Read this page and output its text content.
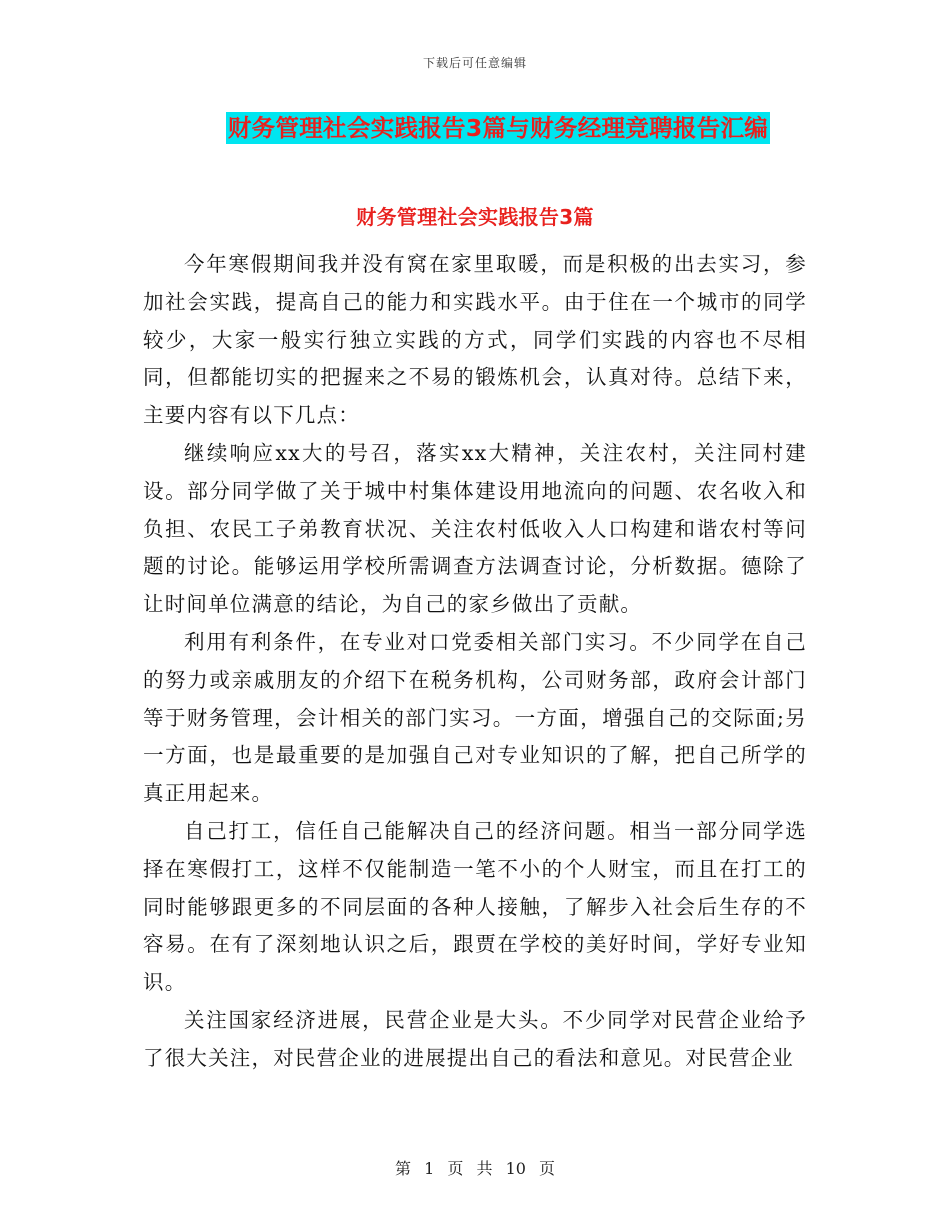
下载后可任意编辑
财务管理社会实践报告3篇与财务经理竞聘报告汇编
财务管理社会实践报告3篇

今年寒假期间我并没有窝在家里取暖，而是积极的出去实习，参加社会实践，提高自己的能力和实践水平。由于住在一个城市的同学较少，大家一般实行独立实践的方式，同学们实践的内容也不尽相同，但都能切实的把握来之不易的锻炼机会，认真对待。总结下来，主要内容有以下几点：

继续响应xx大的号召，落实xx大精神，关注农村，关注同村建设。部分同学做了关于城中村集体建设用地流向的问题、农名收入和负担、农民工子弟教育状况、关注农村低收入人口构建和谐农村等问题的讨论。能够运用学校所需调查方法调查讨论，分析数据。德除了让时间单位满意的结论，为自己的家乡做出了贡献。

利用有利条件，在专业对口党委相关部门实习。不少同学在自己的努力或亲戚朋友的介绍下在税务机构，公司财务部，政府会计部门等于财务管理，会计相关的部门实习。一方面，增强自己的交际面;另一方面，也是最重要的是加强自己对专业知识的了解，把自己所学的真正用起来。

自己打工，信任自己能解决自己的经济问题。相当一部分同学选择在寒假打工，这样不仅能制造一笔不小的个人财宝，而且在打工的同时能够跟更多的不同层面的各种人接触，了解步入社会后生存的不容易。在有了深刻地认识之后，跟贾在学校的美好时间，学好专业知识。

关注国家经济进展，民营企业是大头。不少同学对民营企业给予了很大关注，对民营企业的进展提出自己的看法和意见。对民营企业

第 1 页 共 10 页
